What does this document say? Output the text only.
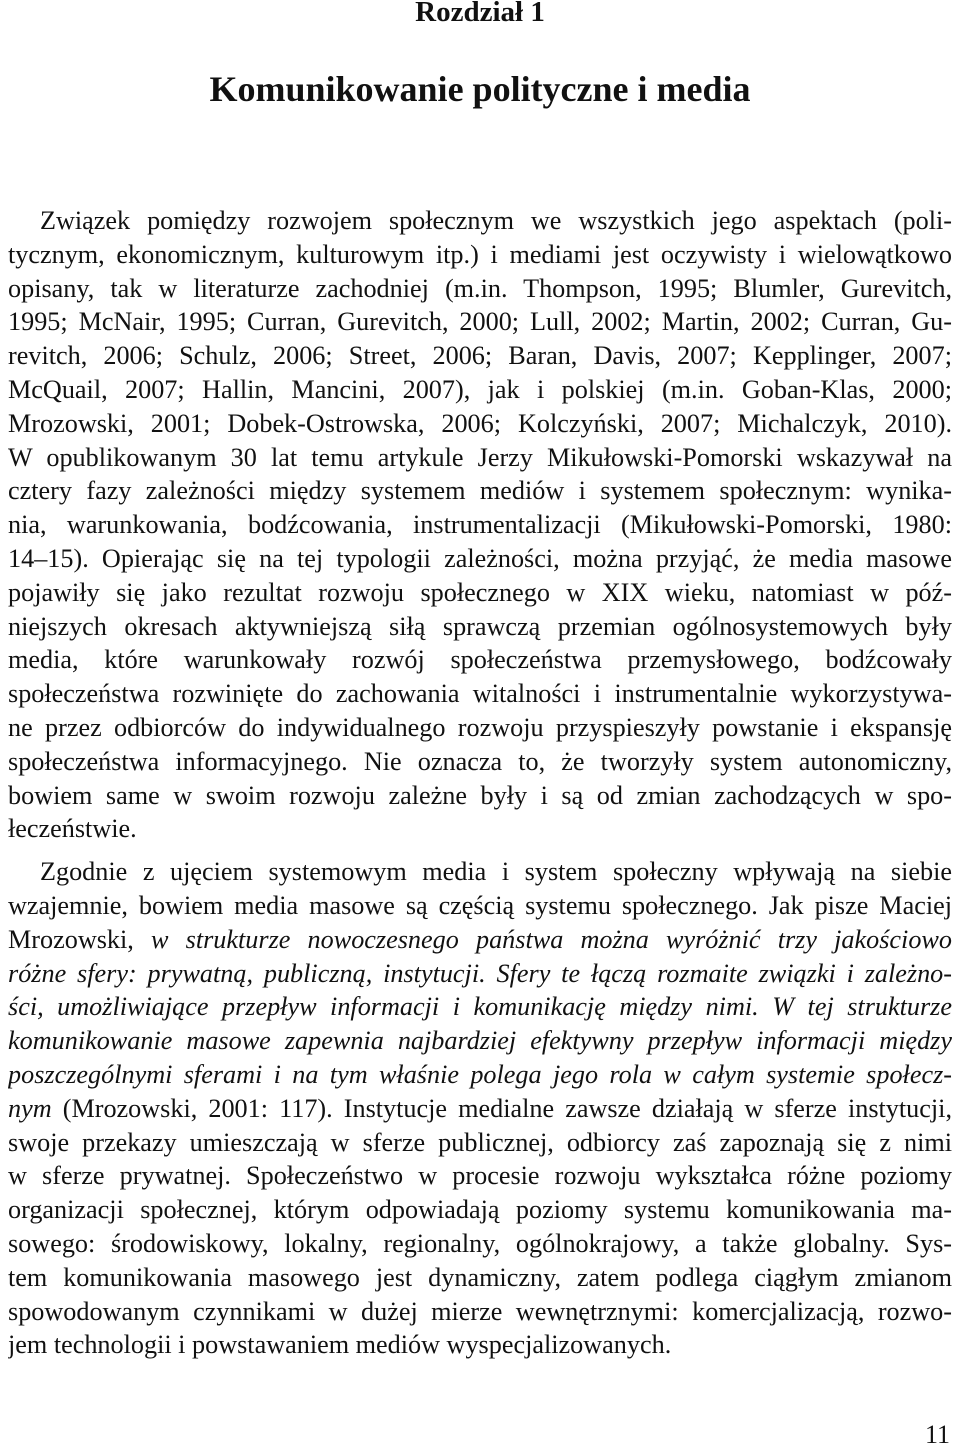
Rozdział 1
Komunikowanie polityczne i media
Związek pomiędzy rozwojem społecznym we wszystkich jego aspektach (poli-
tycznym, ekonomicznym, kulturowym itp.) i mediami jest oczywisty i wielowątkowo
opisany, tak w literaturze zachodniej (m.in. Thompson, 1995; Blumler, Gurevitch,
1995; McNair, 1995; Curran, Gurevitch, 2000; Lull, 2002; Martin, 2002; Curran, Gu-
revitch, 2006; Schulz, 2006; Street, 2006; Baran, Davis, 2007; Kepplinger, 2007;
McQuail, 2007; Hallin, Mancini, 2007), jak i polskiej (m.in. Goban-Klas, 2000;
Mrozowski, 2001; Dobek-Ostrowska, 2006; Kolczyński, 2007; Michalczyk, 2010).
W opublikowanym 30 lat temu artykule Jerzy Mikułowski-Pomorski wskazywał na
cztery fazy zależności między systemem mediów i systemem społecznym: wynika-
nia, warunkowania, bodźcowania, instrumentalizacji (Mikułowski-Pomorski, 1980:
14–15). Opierając się na tej typologii zależności, można przyjąć, że media masowe
pojawiły się jako rezultat rozwoju społecznego w XIX wieku, natomiast w póź-
niejszych okresach aktywniejszą siłą sprawczą przemian ogólnosystemowych były
media, które warunkowały rozwój społeczeństwa przemysłowego, bodźcowały
społeczeństwa rozwinięte do zachowania witalności i instrumentalnie wykorzystywa-
ne przez odbiorców do indywidualnego rozwoju przyspieszyły powstanie i ekspansję
społeczeństwa informacyjnego. Nie oznacza to, że tworzyły system autonomiczny,
bowiem same w swoim rozwoju zależne były i są od zmian zachodzących w spo-
łeczeństwie.
Zgodnie z ujęciem systemowym media i system społeczny wpływają na siebie
wzajemnie, bowiem media masowe są częścią systemu społecznego. Jak pisze Maciej
Mrozowski, w strukturze nowoczesnego państwa można wyróżnić trzy jakościowo
różne sfery: prywatną, publiczną, instytucji. Sfery te łączą rozmaite związki i zależno-
ści, umożliwiające przepływ informacji i komunikację między nimi. W tej strukturze
komunikowanie masowe zapewnia najbardziej efektywny przepływ informacji między
poszczególnymi sferami i na tym właśnie polega jego rola w całym systemie społecz-
nym (Mrozowski, 2001: 117). Instytucje medialne zawsze działają w sferze instytucji,
swoje przekazy umieszczają w sferze publicznej, odbiorcy zaś zapoznają się z nimi
w sferze prywatnej. Społeczeństwo w procesie rozwoju wykształca różne poziomy
organizacji społecznej, którym odpowiadają poziomy systemu komunikowania ma-
sowego: środowiskowy, lokalny, regionalny, ogólnokrajowy, a także globalny. Sys-
tem komunikowania masowego jest dynamiczny, zatem podlega ciągłym zmianom
spowodowanym czynnikami w dużej mierze wewnętrznymi: komercjalizacją, rozwo-
jem technologii i powstawaniem mediów wyspecjalizowanych.
11
